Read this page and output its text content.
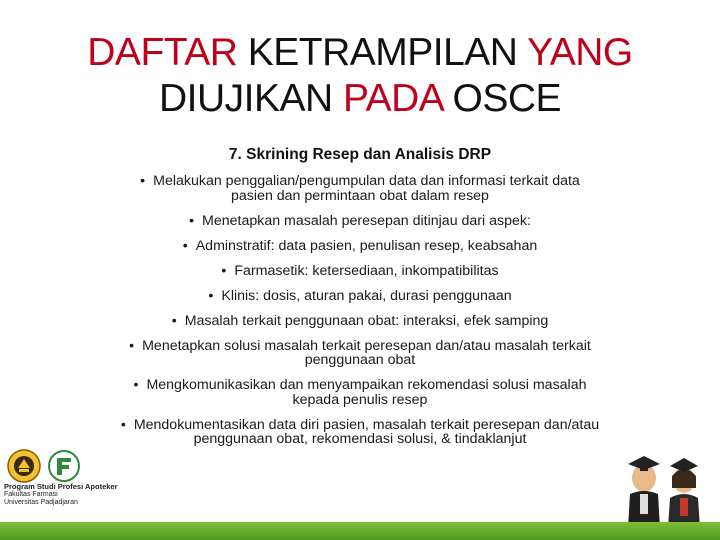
DAFTAR KETRAMPILAN YANG
DIUJIKAN PADA OSCE
7. Skrining Resep dan Analisis DRP
• Melakukan penggalian/pengumpulan data dan informasi terkait data
pasien dan permintaan obat dalam resep
• Menetapkan masalah peresepan ditinjau dari aspek:
• Adminstratif: data pasien, penulisan resep, keabsahan
• Farmasetik: ketersediaan, inkompatibilitas
• Klinis: dosis, aturan pakai, durasi penggunaan
• Masalah terkait penggunaan obat: interaksi, efek samping
• Menetapkan solusi masalah terkait peresepan dan/atau masalah terkait
penggunaan obat
• Mengkomunikasikan dan menyampaikan rekomendasi solusi masalah
kepada penulis resep
• Mendokumentasikan data diri pasien, masalah terkait peresepan dan/atau
penggunaan obat, rekomendasi solusi, & tindaklanjut
Program Studi Profesi Apoteker
Fakultas Farmasi
Universitas Padjadjaran
